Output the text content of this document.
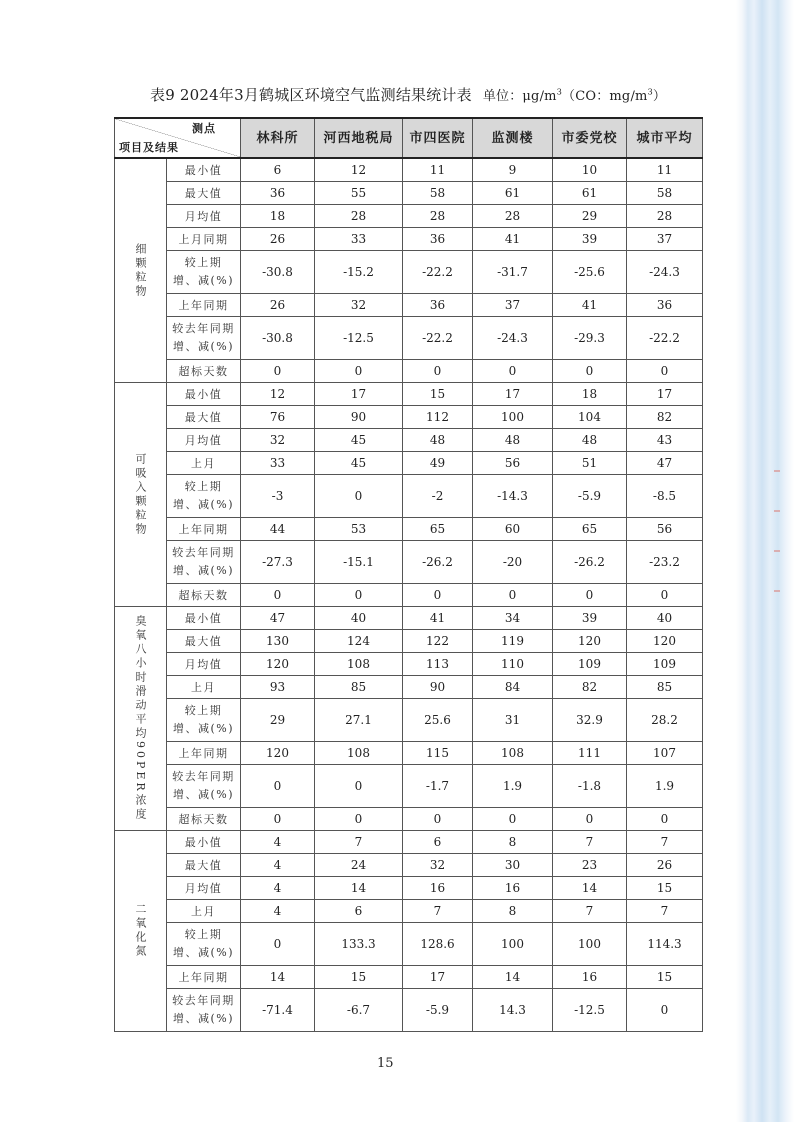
表9 2024年3月鹤城区环境空气监测结果统计表 单位：$\mu g/m^3(CO$：$mg/m^3$）
测点
项目及结果		林科所	河西地税局	市四医院	监测楼	市委党校	城市平均
细颗粒物	最小值	6	12	11	9	10	11
	最大值	36	55	58	61	61	58
	月均值	18	28	28	28	29	28
	上月同期	26	33	36	41	39	37
	较上期
增、减(%)	-30.8	-15.2	-22.2	-31.7	-25.6	-24.3
	上年同期	26	32	36	37	41	36
	较去年同期
增、减(%)	-30.8	-12.5	-22.2	-24.3	-29.3	-22.2
	超标天数	0	0	0	0	0	0
可吸入颗粒物	最小值	12	17	15	17	18	17
	最大值	76	90	112	100	104	82
	月均值	32	45	48	48	48	43
	上月	33	45	49	56	51	47
	较上期
增、减(%)	-3	0	-2	-14.3	-5.9	-8.5
	上年同期	44	53	65	60	65	56
	较去年同期
增、减(%)	-27.3	-15.1	-26.2	-20	-26.2	-23.2
	超标天数	0	0	0	0	0	0
臭氧八小时滑动平均90PER浓度	最小值	47	40	41	34	39	40
	最大值	130	124	122	119	120	120
	月均值	120	108	113	110	109	109
	上月	93	85	90	84	82	85
	较上期
增、减(%)	29	27.1	25.6	31	32.9	28.2
	上年同期	120	108	115	108	111	107
	较去年同期
增、减(%)	0	0	-1.7	1.9	-1.8	1.9
	超标天数	0	0	0	0	0	0
二氧化氮	最小值	4	7	6	8	7	7
	最大值	4	24	32	30	23	26
	月均值	4	14	16	16	14	15
	上月	4	6	7	8	7	7
	较上期
增、减(%)	0	133.3	128.6	100	100	114.3
	上年同期	14	15	17	14	16	15
	较去年同期
增、减(%)	-71.4	-6.7	-5.9	14.3	-12.5	0
15
